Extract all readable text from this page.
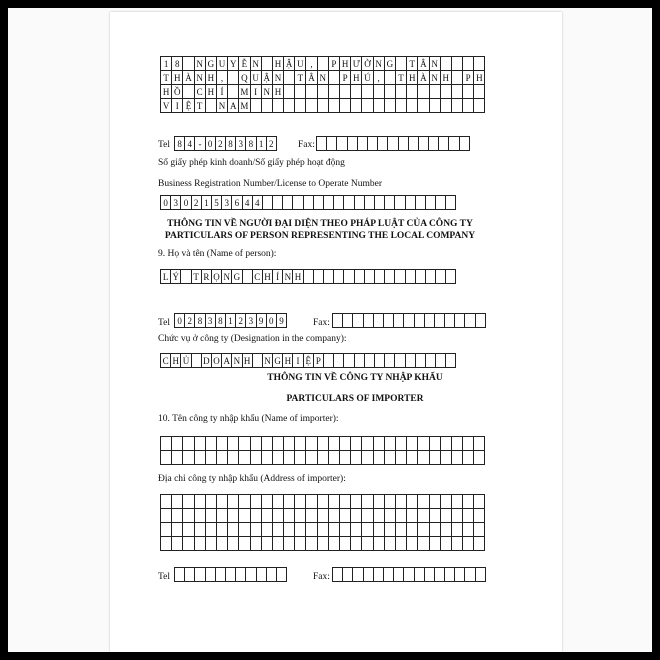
1 8	N G U Y Ễ N	H Ậ U ,	P H Ư Ờ N G	T Â N
T H À N H ,	Q U Ậ N	T Â N	P H Ú ,	T H À N H	P H
H Ồ	C H Í	M I N H
V I Ệ T	N A M
Tel 8 4 - 0 2 8 3 8 1 2	Fax:
Số giấy phép kinh doanh/Số giấy phép hoạt động
Business Registration Number/License to Operate Number
0 3 0 2 1 5 3 6 4 4
THÔNG TIN VỀ NGƯỜI ĐẠI DIỆN THEO PHÁP LUẬT CỦA CÔNG TY
PARTICULARS OF PERSON REPRESENTING THE LOCAL COMPANY
9. Họ và tên (Name of person):
L Ý	T R Ọ N G C H Í N H
Tel 0 2 8 3 8 1 2 3 9 0 9	Fax:
Chức vụ ở công ty (Designation in the company):
C H Ủ D O A N H N G H I Ệ P
THÔNG TIN VỀ CÔNG TY NHẬP KHẨU
PARTICULARS OF IMPORTER
10. Tên công ty nhập khẩu (Name of importer):
Địa chỉ công ty nhập khẩu (Address of importer):
Tel	Fax:
